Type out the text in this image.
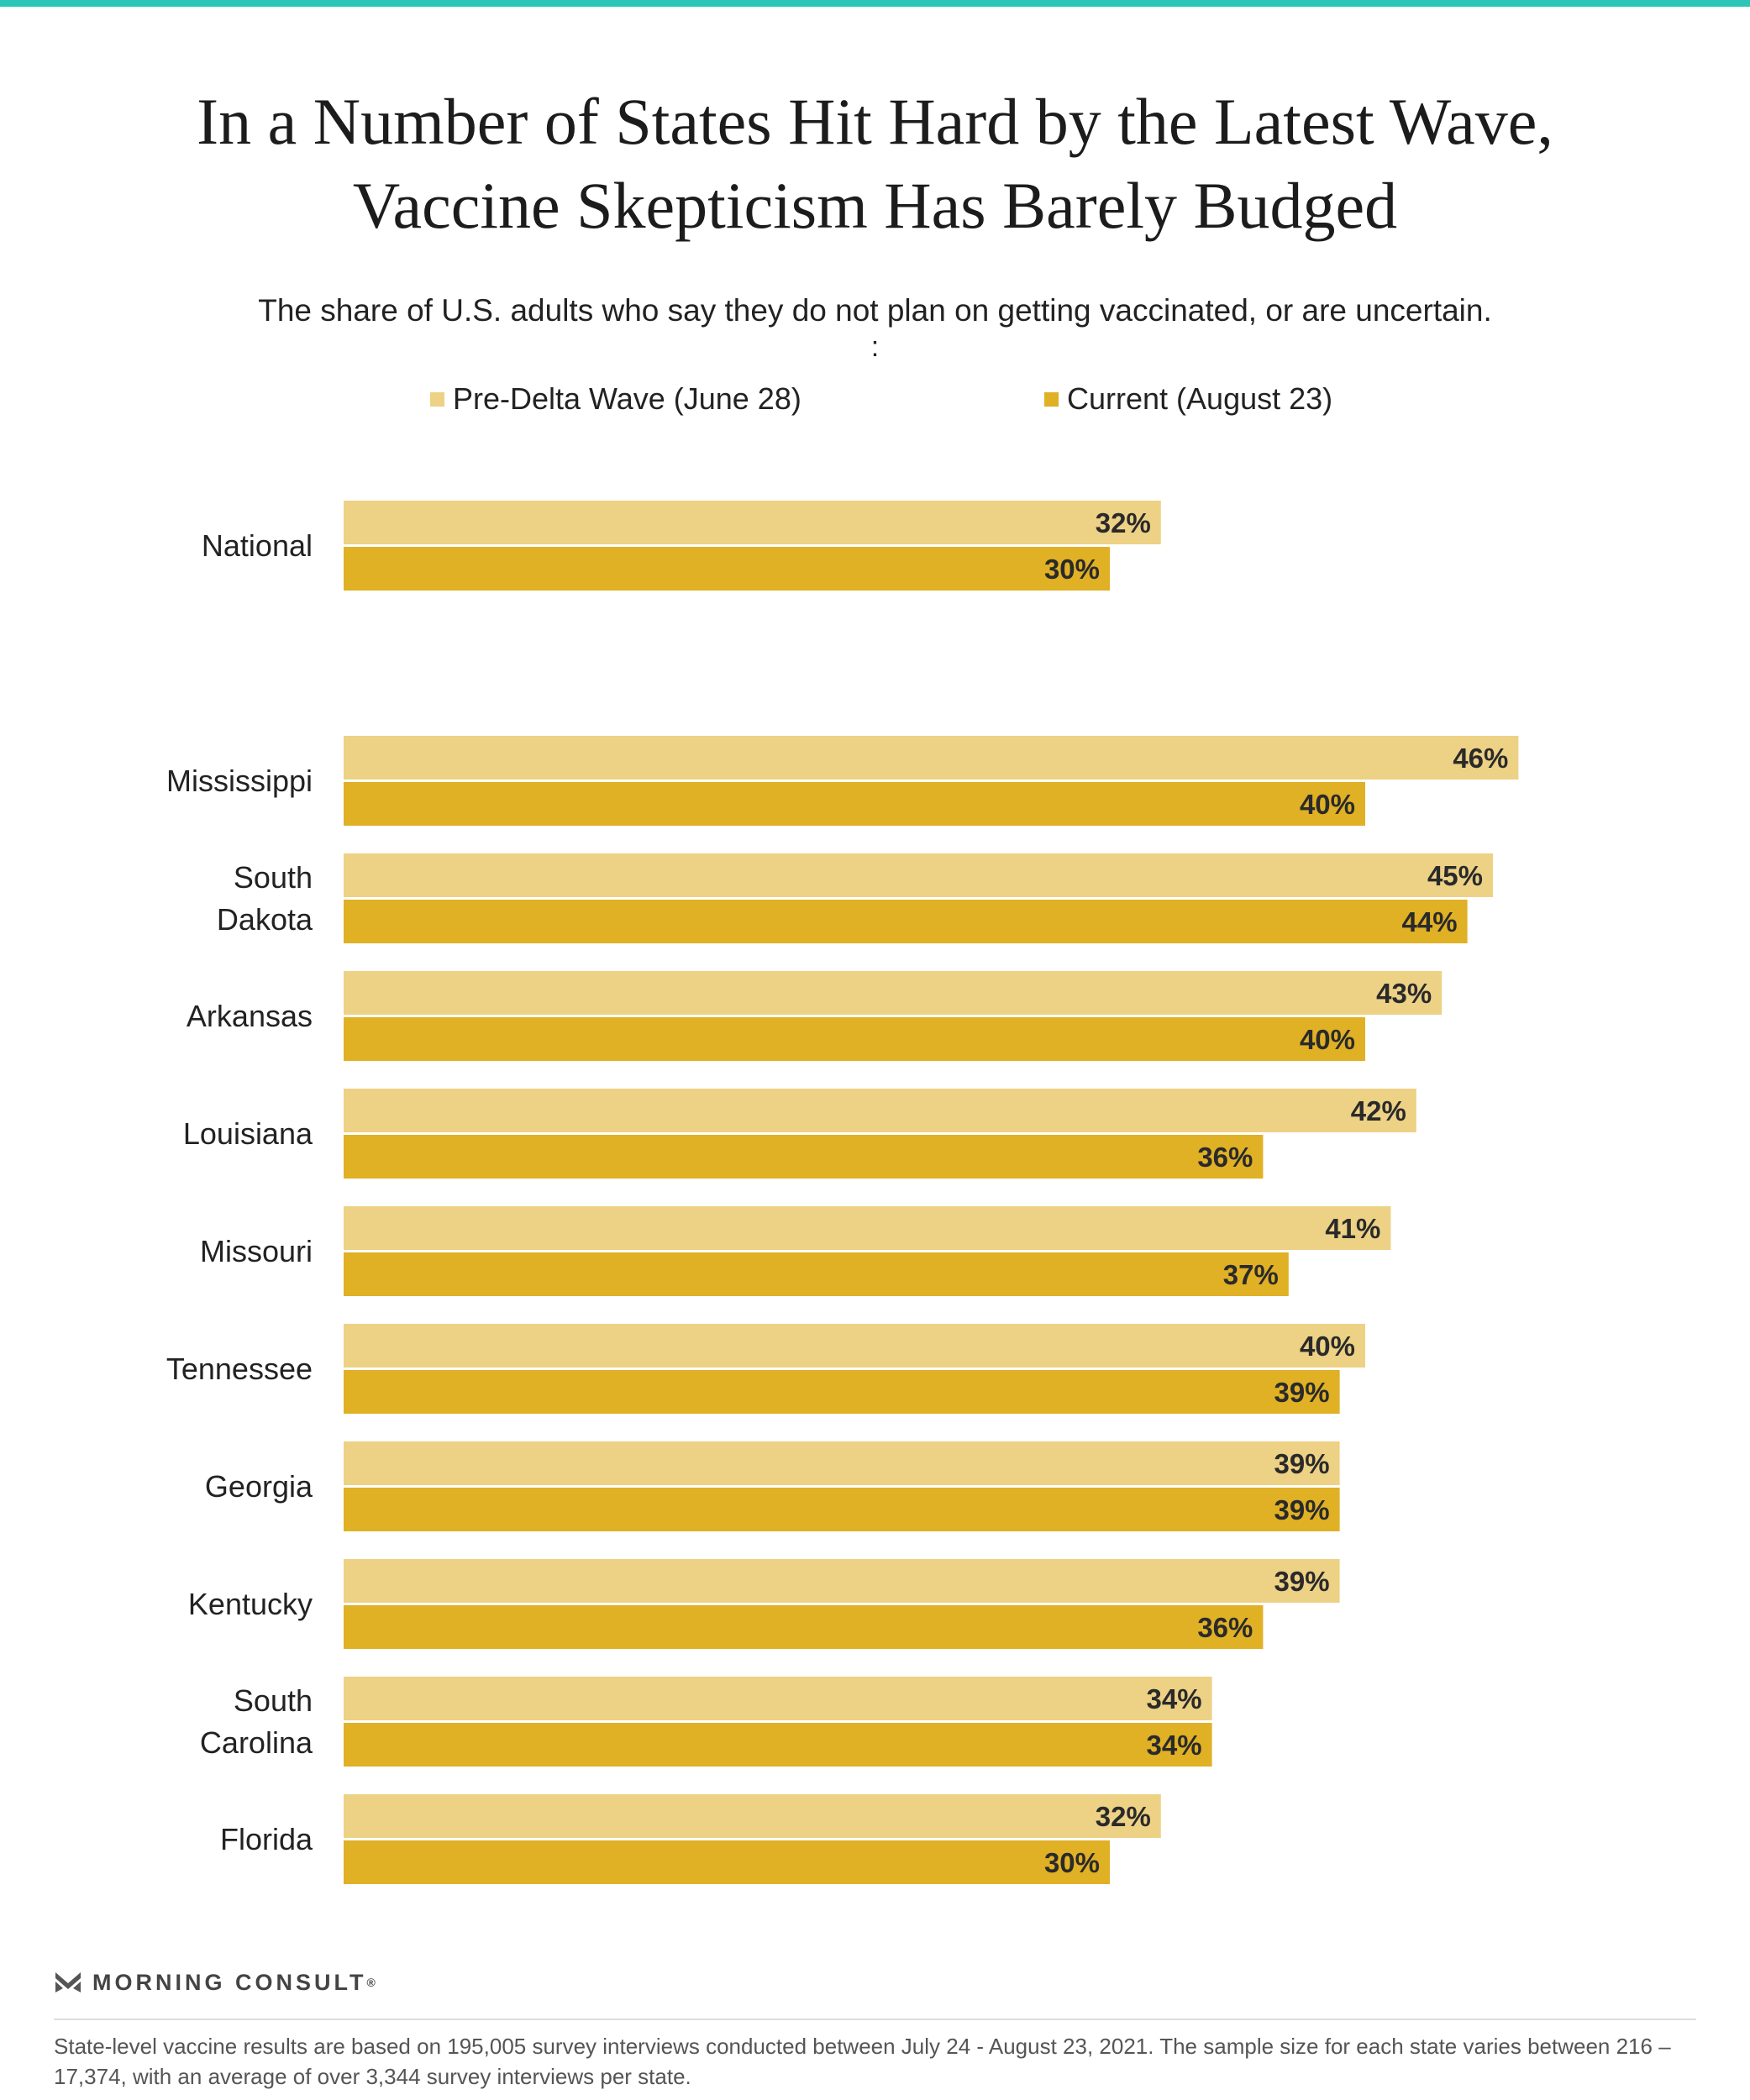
In a Number of States Hit Hard by the Latest Wave,
Vaccine Skepticism Has Barely Budged
The share of U.S. adults who say they do not plan on getting vaccinated, or are uncertain.
:
Pre-Delta Wave (June 28)	Current (August 23)
National
32%
30%
Mississippi
46%
40%
South Dakota
45%
44%
Arkansas
43%
40%
Louisiana
42%
36%
Missouri
41%
37%
Tennessee
40%
39%
Georgia
39%
39%
Kentucky
39%
36%
South Carolina
34%
34%
Florida
32%
30%
MORNING CONSULT ®
State-level vaccine results are based on 195,005 survey interviews conducted between July 24 - August 23, 2021. The sample size for each state varies between 216 – 17,374, with an average of over 3,344 survey interviews per state.
